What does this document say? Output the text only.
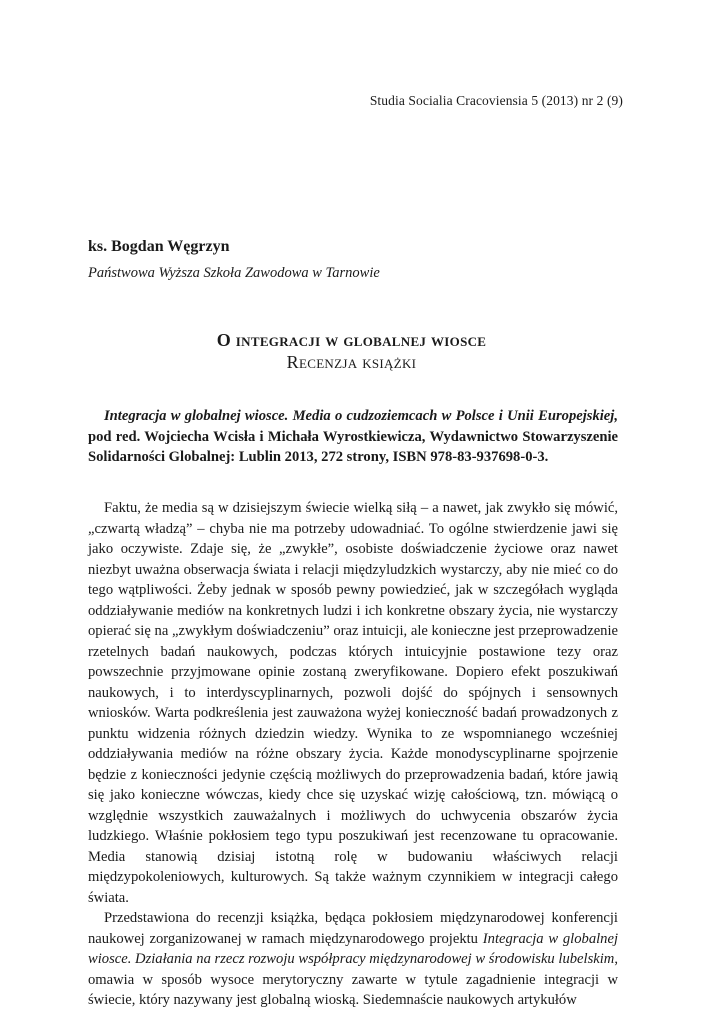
Studia Socialia Cracoviensia 5 (2013) nr 2 (9)
ks. Bogdan Węgrzyn
Państwowa Wyższa Szkoła Zawodowa w Tarnowie
O integracji w globalnej wiosce
Recenzja książki
Integracja w globalnej wiosce. Media o cudzoziemcach w Polsce i Unii Europejskiej, pod red. Wojciecha Wcisła i Michała Wyrostkiewicza, Wydawnictwo Stowarzyszenie Solidarności Globalnej: Lublin 2013, 272 strony, ISBN 978-83-937698-0-3.

Faktu, że media są w dzisiejszym świecie wielką siłą – a nawet, jak zwykło się mówić, „czwartą władzą” – chyba nie ma potrzeby udowadniać. To ogólne stwierdzenie jawi się jako oczywiste. Zdaje się, że „zwykłe”, osobiste doświadczenie życiowe oraz nawet niezbyt uważna obserwacja świata i relacji międzyludzkich wystarczy, aby nie mieć co do tego wątpliwości. Żeby jednak w sposób pewny powiedzieć, jak w szczegółach wygląda oddziaływanie mediów na konkretnych ludzi i ich konkretne obszary życia, nie wystarczy opierać się na „zwykłym doświadczeniu” oraz intuicji, ale konieczne jest przeprowadzenie rzetelnych badań naukowych, podczas których intuicyjnie postawione tezy oraz powszechnie przyjmowane opinie zostaną zweryfikowane. Dopiero efekt poszukiwań naukowych, i to interdyscyplinarnych, pozwoli dojść do spójnych i sensownych wniosków. Warta podkreślenia jest zauważona wyżej konieczność badań prowadzonych z punktu widzenia różnych dziedzin wiedzy. Wynika to ze wspomnianego wcześniej oddziaływania mediów na różne obszary życia. Każde monodyscyplinarne spojrzenie będzie z konieczności jedynie częścią możliwych do przeprowadzenia badań, które jawią się jako konieczne wówczas, kiedy chce się uzyskać wizję całościową, tzn. mówiącą o względnie wszystkich zauważalnych i możliwych do uchwycenia obszarów życia ludzkiego. Właśnie pokłosiem tego typu poszukiwań jest recenzowane tu opracowanie. Media stanowią dzisiaj istotną rolę w budowaniu właściwych relacji międzypokoleniowych, kulturowych. Są także ważnym czynnikiem w integracji całego świata.

Przedstawiona do recenzji książka, będąca pokłosiem międzynarodowej konferencji naukowej zorganizowanej w ramach międzynarodowego projektu Integracja w globalnej wiosce. Działania na rzecz rozwoju współpracy międzynarodowej w środowisku lubelskim, omawia w sposób wysoce merytoryczny zawarte w tytule zagadnienie integracji w świecie, który nazywany jest globalną wioską. Siedemnaście naukowych artykułów
